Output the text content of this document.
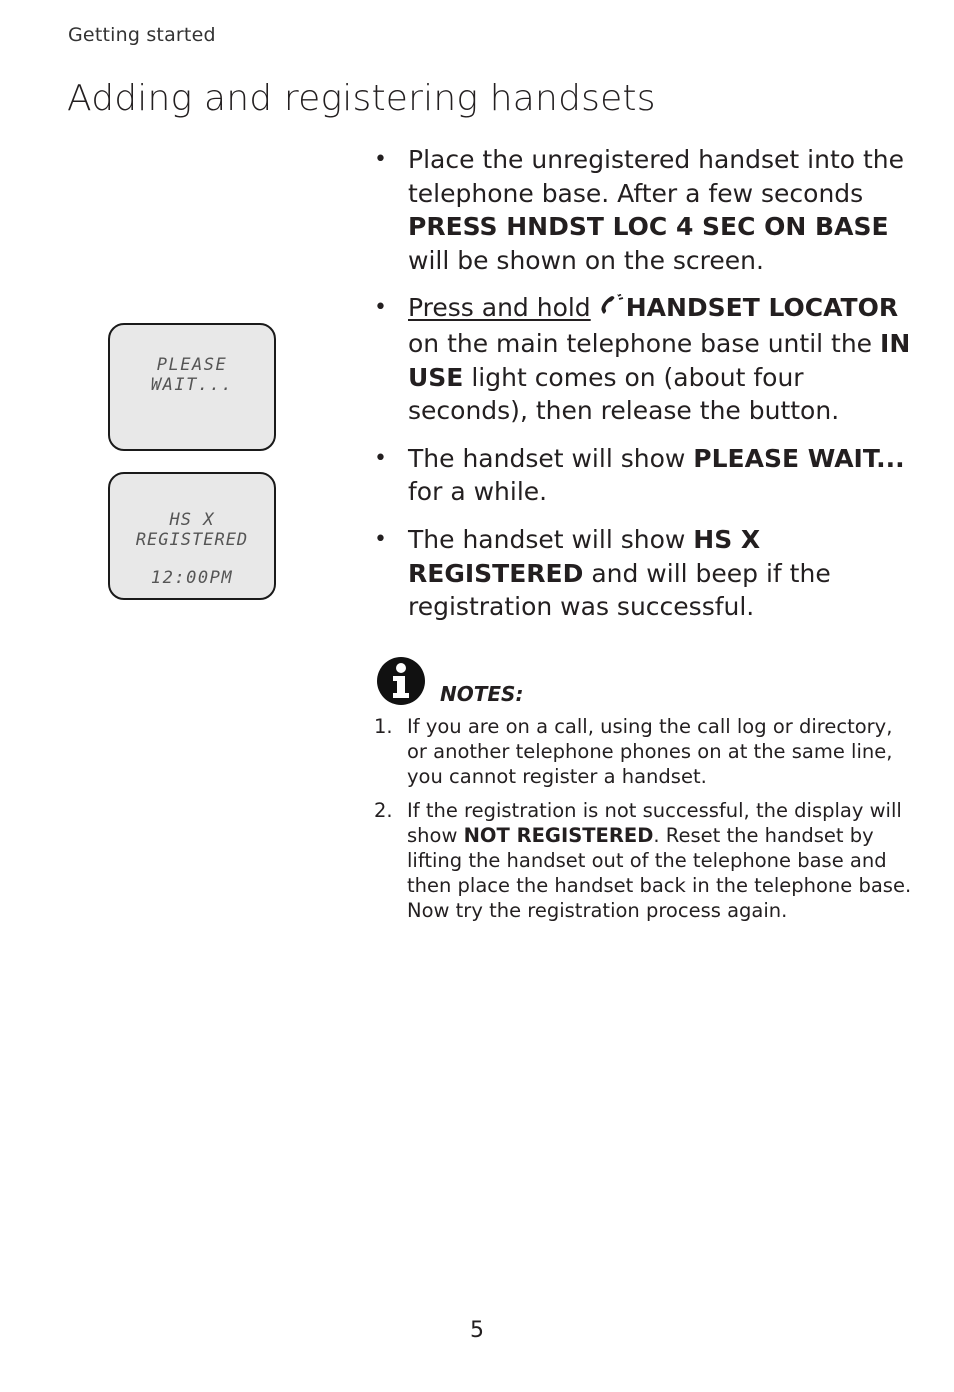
Getting started
Adding and registering handsets
PLEASE WAIT...
HS X REGISTERED
12:00PM
• Place the unregistered handset into the telephone base. After a few seconds PRESS HNDST LOC 4 SEC ON BASE will be shown on the screen.
• Press and hold HANDSET LOCATOR on the main telephone base until the IN USE light comes on (about four seconds), then release the button.
• The handset will show PLEASE WAIT... for a while.
• The handset will show HS X REGISTERED and will beep if the registration was successful.
NOTES:
1. If you are on a call, using the call log or directory, or another telephone phones on at the same line, you cannot register a handset.
2. If the registration is not successful, the display will show NOT REGISTERED. Reset the handset by lifting the handset out of the telephone base and then place the handset back in the telephone base. Now try the registration process again.
5
